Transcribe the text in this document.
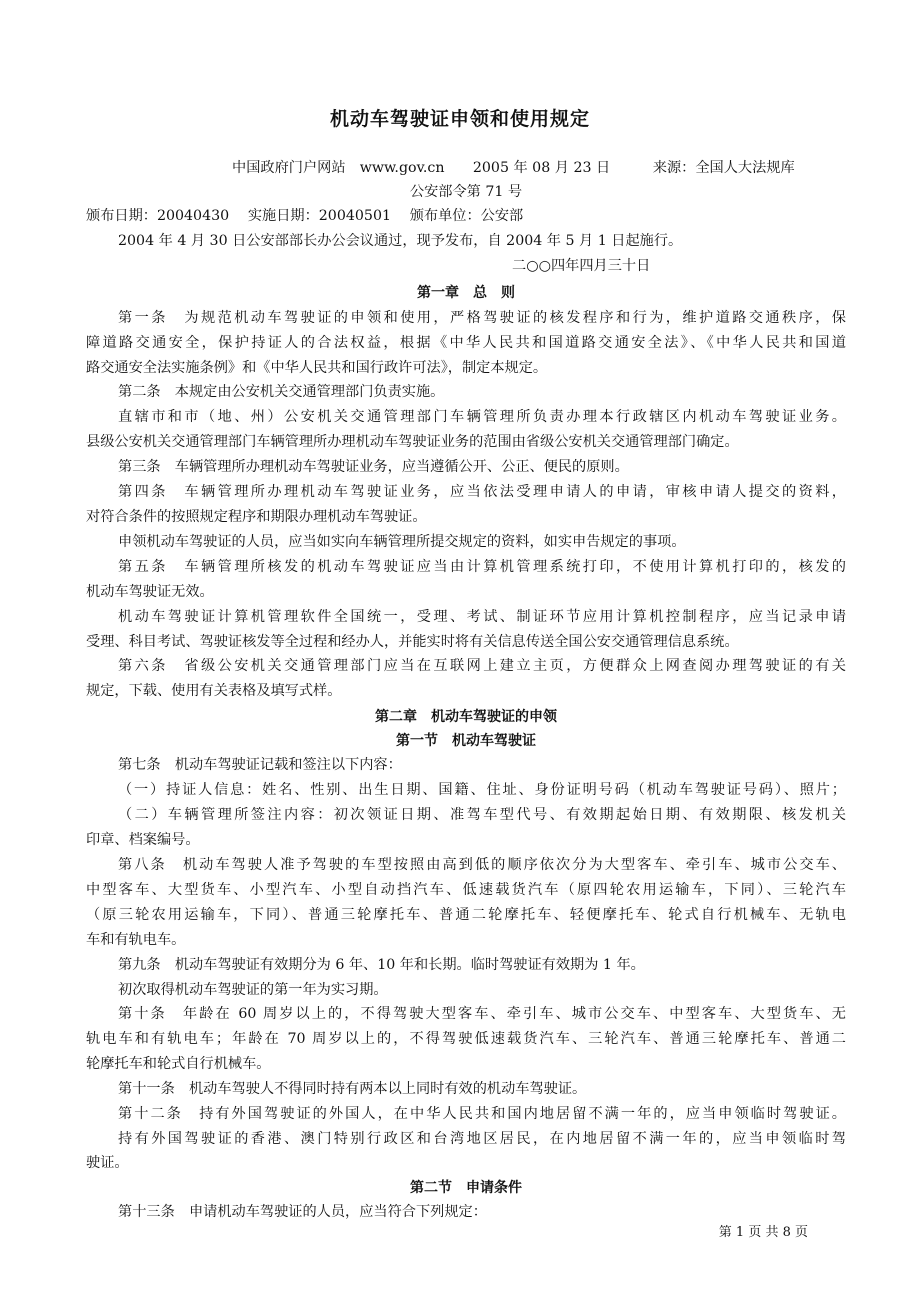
机动车驾驶证申领和使用规定
中国政府门户网站　www.gov.cn　　2005 年 08 月 23 日　　　来源：全国人大法规库
公安部令第 71 号
颁布日期：20040430　 实施日期：20040501　 颁布单位：公安部
2004 年 4 月 30 日公安部部长办公会议通过，现予发布，自 2004 年 5 月 1 日起施行。
二○○四年四月三十日
第一章　总　则
第一条　为规范机动车驾驶证的申领和使用，严格驾驶证的核发程序和行为，维护道路交通秩序，保
障道路交通安全，保护持证人的合法权益，根据《中华人民共和国道路交通安全法》、《中华人民共和国道
路交通安全法实施条例》和《中华人民共和国行政许可法》，制定本规定。
第二条　本规定由公安机关交通管理部门负责实施。
直辖市和市（地、州）公安机关交通管理部门车辆管理所负责办理本行政辖区内机动车驾驶证业务。
县级公安机关交通管理部门车辆管理所办理机动车驾驶证业务的范围由省级公安机关交通管理部门确定。
第三条　车辆管理所办理机动车驾驶证业务，应当遵循公开、公正、便民的原则。
第四条　车辆管理所办理机动车驾驶证业务，应当依法受理申请人的申请，审核申请人提交的资料，
对符合条件的按照规定程序和期限办理机动车驾驶证。
申领机动车驾驶证的人员，应当如实向车辆管理所提交规定的资料，如实申告规定的事项。
第五条　车辆管理所核发的机动车驾驶证应当由计算机管理系统打印，不使用计算机打印的，核发的
机动车驾驶证无效。
机动车驾驶证计算机管理软件全国统一，受理、考试、制证环节应用计算机控制程序，应当记录申请
受理、科目考试、驾驶证核发等全过程和经办人，并能实时将有关信息传送全国公安交通管理信息系统。
第六条　省级公安机关交通管理部门应当在互联网上建立主页，方便群众上网查阅办理驾驶证的有关
规定，下载、使用有关表格及填写式样。
第二章　机动车驾驶证的申领
第一节　机动车驾驶证
第七条　机动车驾驶证记载和签注以下内容：
（一）持证人信息：姓名、性别、出生日期、国籍、住址、身份证明号码（机动车驾驶证号码）、照片；
（二）车辆管理所签注内容：初次领证日期、准驾车型代号、有效期起始日期、有效期限、核发机关
印章、档案编号。
第八条　机动车驾驶人准予驾驶的车型按照由高到低的顺序依次分为大型客车、牵引车、城市公交车、
中型客车、大型货车、小型汽车、小型自动挡汽车、低速载货汽车（原四轮农用运输车，下同）、三轮汽车
（原三轮农用运输车，下同）、普通三轮摩托车、普通二轮摩托车、轻便摩托车、轮式自行机械车、无轨电
车和有轨电车。
第九条　机动车驾驶证有效期分为 6 年、10 年和长期。临时驾驶证有效期为 1 年。
初次取得机动车驾驶证的第一年为实习期。
第十条　年龄在 60 周岁以上的，不得驾驶大型客车、牵引车、城市公交车、中型客车、大型货车、无
轨电车和有轨电车；年龄在 70 周岁以上的，不得驾驶低速载货汽车、三轮汽车、普通三轮摩托车、普通二
轮摩托车和轮式自行机械车。
第十一条　机动车驾驶人不得同时持有两本以上同时有效的机动车驾驶证。
第十二条　持有外国驾驶证的外国人，在中华人民共和国内地居留不满一年的，应当申领临时驾驶证。
持有外国驾驶证的香港、澳门特别行政区和台湾地区居民，在内地居留不满一年的，应当申领临时驾
驶证。
第二节　申请条件
第十三条　申请机动车驾驶证的人员，应当符合下列规定：
第 1 页 共 8 页
